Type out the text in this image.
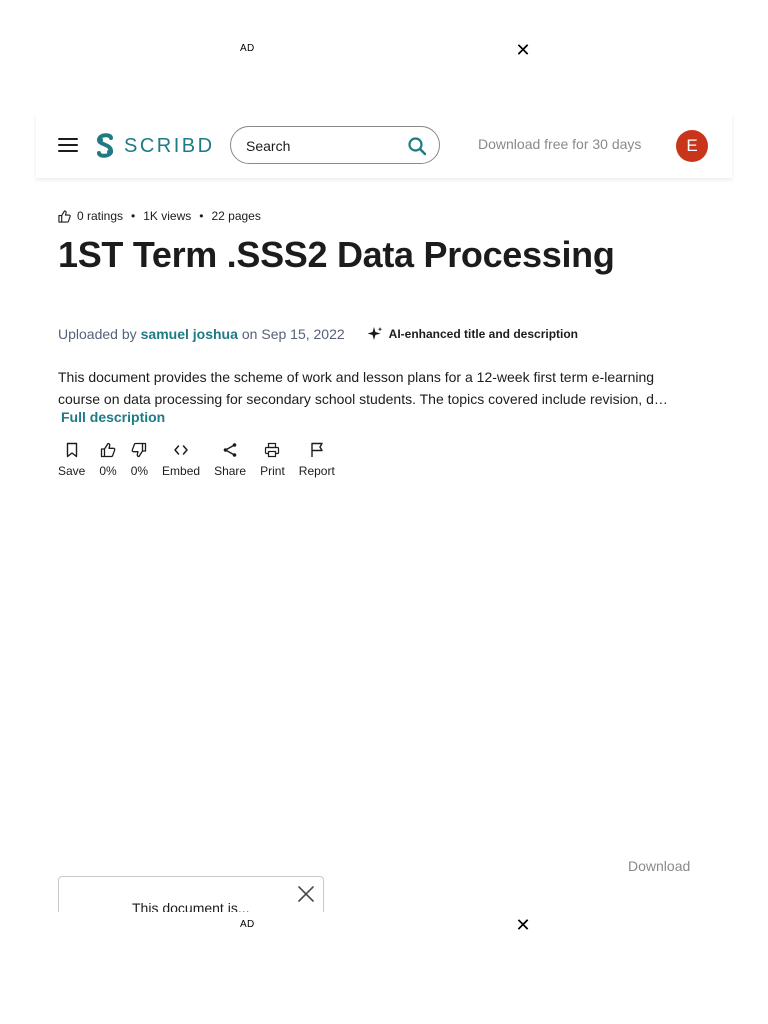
AD	✕
SCRIBD
Search	Download free for 30 days	E
0 ratings • 1K views • 22 pages
1ST Term .SSS2 Data Processing
Uploaded by samuel joshua on Sep 15, 2022	AI-enhanced title and description

This document provides the scheme of work and lesson plans for a 12-week first term e-learning course on data processing for secondary school students. The topics covered include revision, d…

Full description
Save 0% 0% Embed Share Print Report
Download
This document is...
AD	✕
